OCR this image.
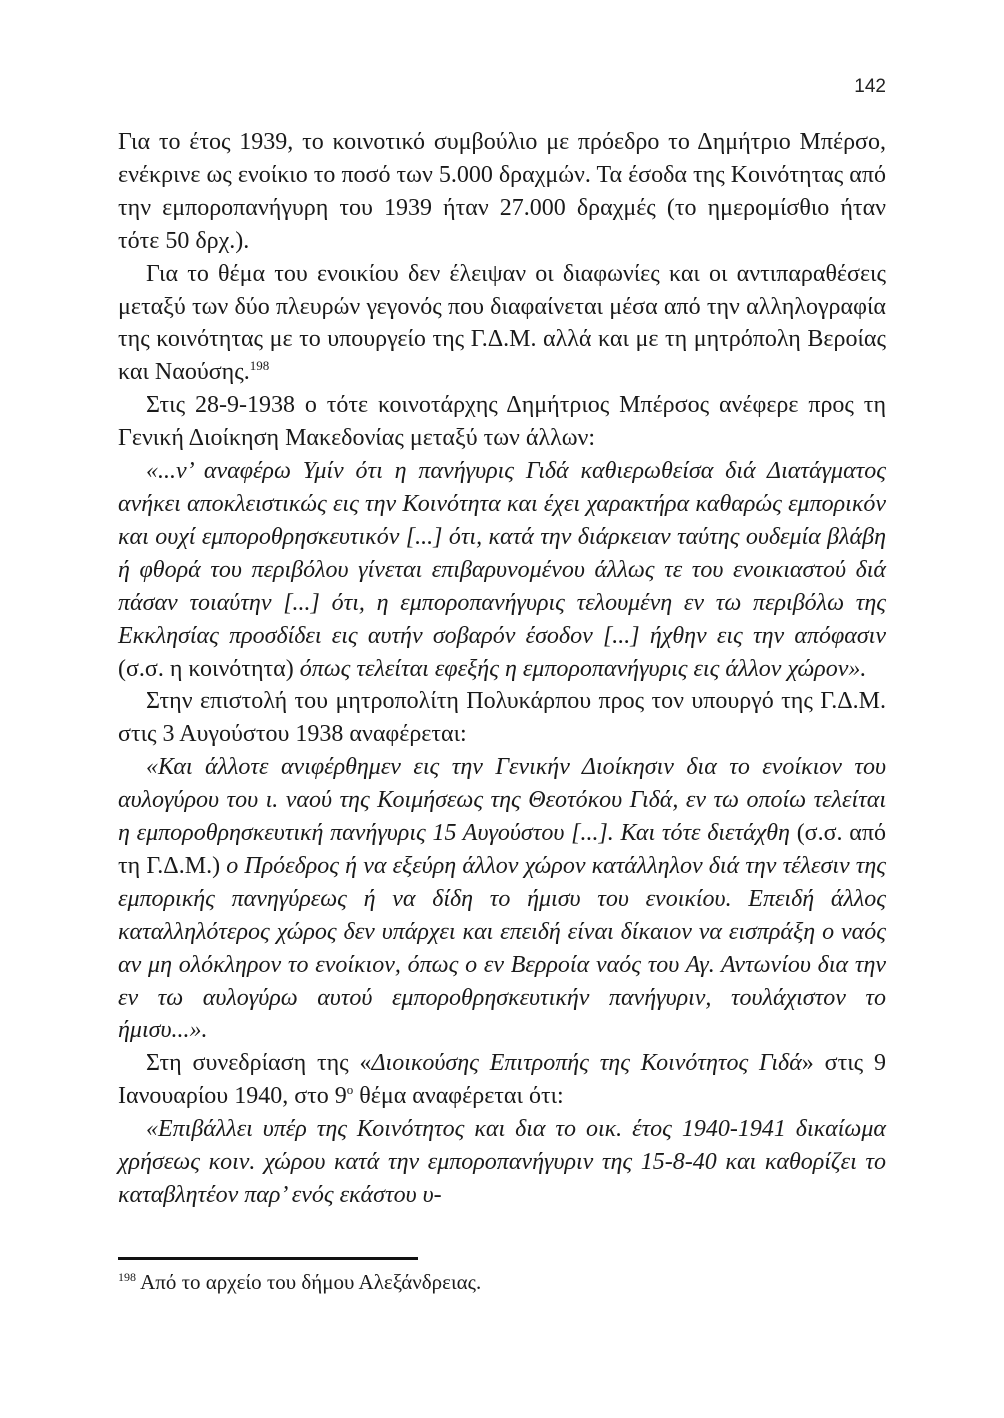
142

Για το έτος 1939, το κοινοτικό συμβούλιο με πρόεδρο το Δημήτριο Μπέρσο, ενέκρινε ως ενοίκιο το ποσό των 5.000 δραχμών. Τα έσοδα της Κοινότητας από την εμποροπανήγυρη του 1939 ήταν 27.000 δραχμές (το ημερομίσθιο ήταν τότε 50 δρχ.).

Για το θέμα του ενοικίου δεν έλειψαν οι διαφωνίες και οι αντιπαραθέσεις μεταξύ των δύο πλευρών γεγονός που διαφαίνεται μέσα από την αλληλογραφία της κοινότητας με το υπουργείο της Γ.Δ.Μ. αλλά και με τη μητρόπολη Βεροίας και Ναούσης.$^{198}$

Στις 28-9-1938 ο τότε κοινοτάρχης Δημήτριος Μπέρσος ανέφερε προς τη Γενική Διοίκηση Μακεδονίας μεταξύ των άλλων:

«...ν’ αναφέρω Υμίν ότι η πανήγυρις Γιδά καθιερωθείσα διά Διατάγματος ανήκει αποκλειστικώς εις την Κοινότητα και έχει χαρακτήρα καθαρώς εμπορικόν και ουχί εμποροθρησκευτικόν [...] ότι, κατά την διάρκειαν ταύτης ουδεμία βλάβη ή φθορά του περιβόλου γίνεται επιβαρυνομένου άλλως τε του ενοικιαστού διά πάσαν τοιαύτην [...] ότι, η εμποροπανήγυρις τελουμένη εν τω περιβόλω της Εκκλησίας προσδίδει εις αυτήν σοβαρόν έσοδον [...] ήχθην εις την απόφασιν (σ.σ. η κοινότητα) όπως τελείται εφεξής η εμποροπανήγυρις εις άλλον χώρον».

Στην επιστολή του μητροπολίτη Πολυκάρπου προς τον υπουργό της Γ.Δ.Μ. στις 3 Αυγούστου 1938 αναφέρεται:

«Και άλλοτε ανιφέρθημεν εις την Γενικήν Διοίκησιν δια το ενοίκιον του αυλογύρου του ι. ναού της Κοιμήσεως της Θεοτόκου Γιδά, εν τω οποίω τελείται η εμποροθρησκευτική πανήγυρις 15 Αυγούστου [...]. Και τότε διετάχθη (σ.σ. από τη Γ.Δ.Μ.) ο Πρόεδρος ή να εξεύρη άλλον χώρον κατάλληλον διά την τέλεσιν της εμπορικής πανηγύρεως ή να δίδη το ήμισυ του ενοικίου. Επειδή άλλος καταλληλότερος χώρος δεν υπάρχει και επειδή είναι δίκαιον να εισπράξη ο ναός αν μη ολόκληρον το ενοίκιον, όπως ο εν Βερροία ναός του Αγ. Αντωνίου δια την εν τω αυλογύρω αυτού εμποροθρησκευτικήν πανήγυριν, τουλάχιστον το ήμισυ...».

Στη συνεδρίαση της «Διοικούσης Επιτροπής της Κοινότητος Γιδά» στις 9 Ιανουαρίου 1940, στο $9^o$ θέμα αναφέρεται ότι:

«Επιβάλλει υπέρ της Κοινότητος και δια το οικ. έτος 1940-1941 δικαίωμα χρήσεως κοιν. χώρου κατά την εμποροπανήγυριν της 15-8-40 και καθορίζει το καταβλητέον παρ’ ενός εκάστου υ-

$^{198}$ Από το αρχείο του δήμου Αλεξάνδρειας.
